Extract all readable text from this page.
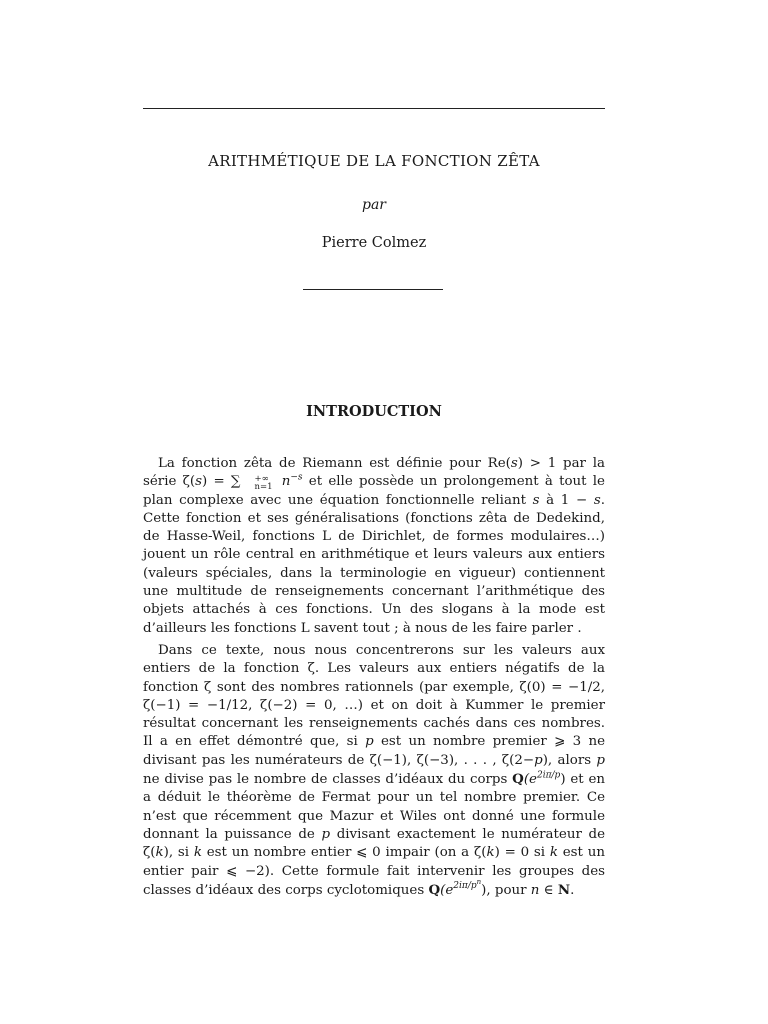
ARITHMÉTIQUE DE LA FONCTION ZÊTA
par
Pierre Colmez
INTRODUCTION

La fonction zêta de Riemann est définie pour Re(s) > 1 par la série ζ(s) = ∑	+∞
n=1 $n^{-s}$ et elle possède un prolongement à tout le plan complexe avec une équation fonctionnelle reliant s à 1 − s. Cette fonction et ses généralisations (fonctions zêta de Dedekind, de Hasse-Weil, fonctions L de Dirichlet, de formes modulaires…) jouent un rôle central en arithmétique et leurs valeurs aux entiers (valeurs spéciales, dans la terminologie en vigueur) contiennent une multitude de renseignements concernant l’arithmétique des objets attachés à ces fonctions. Un des slogans à la mode est d’ailleurs les fonctions L savent tout ; à nous de les faire parler .

Dans ce texte, nous nous concentrerons sur les valeurs aux entiers de la fonction ζ. Les valeurs aux entiers négatifs de la fonction ζ sont des nombres rationnels (par exemple, ζ(0) = −1/2, ζ(−1) = −1/12, ζ(−2) = 0, …) et on doit à Kummer le premier résultat concernant les renseignements cachés dans ces nombres. Il a en effet démontré que, si p est un nombre premier ⩾ 3 ne divisant pas les numérateurs de ζ(−1), ζ(−3), . . . , ζ(2−p), alors p ne divise pas le nombre de classes d’idéaux du corps $Q(e^{2i\pi/p})$ et en a déduit le théorème de Fermat pour un tel nombre premier. Ce n’est que récemment que Mazur et Wiles ont donné une formule donnant la puissance de p divisant exactement le numérateur de ζ(k), si k est un nombre entier ⩽ 0 impair (on a ζ(k) = 0 si k est un entier pair ⩽ −2). Cette formule fait intervenir les groupes des classes d’idéaux des corps cyclotomiques $Q(e^{2i\pi/p^n})$, pour n ∈ N.
